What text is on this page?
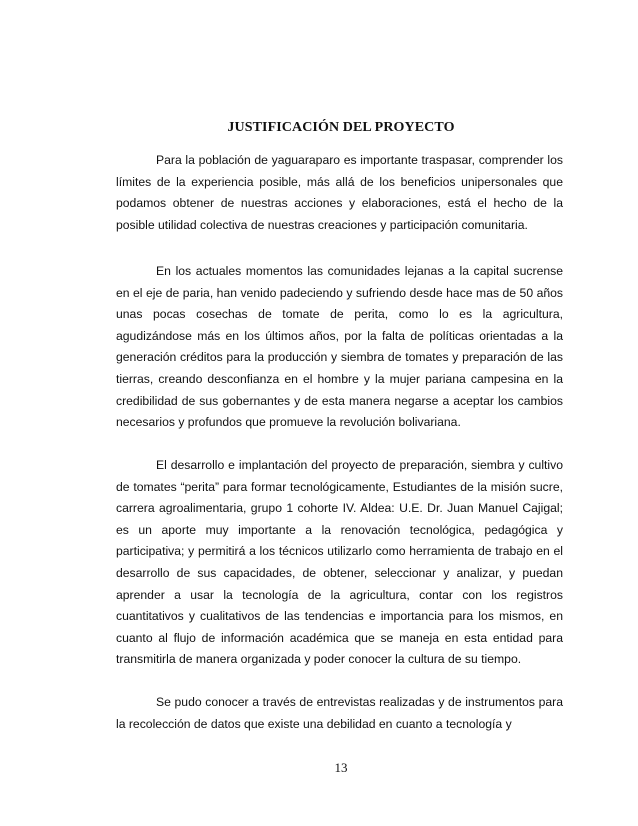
JUSTIFICACIÓN DEL PROYECTO

Para la población de yaguaraparo es importante traspasar, comprender los límites de la experiencia posible, más allá de los beneficios unipersonales que podamos obtener de nuestras acciones y elaboraciones, está el hecho de la posible utilidad colectiva de nuestras creaciones y participación comunitaria.

En los actuales momentos las comunidades lejanas a la capital sucrense en el eje de paria, han venido padeciendo y sufriendo desde hace mas de 50 años unas pocas cosechas de tomate de perita, como lo es la agricultura, agudizándose más en los últimos años, por la falta de políticas orientadas a la generación créditos para la producción y siembra de tomates y preparación de las tierras, creando desconfianza en el hombre y la mujer pariana campesina en la credibilidad de sus gobernantes y de esta manera negarse a aceptar los cambios necesarios y profundos que promueve la revolución bolivariana.

El desarrollo e implantación del proyecto de preparación, siembra y cultivo de tomates “perita” para formar tecnológicamente, Estudiantes de la misión sucre, carrera agroalimentaria, grupo 1 cohorte IV. Aldea: U.E. Dr. Juan Manuel Cajigal; es un aporte muy importante a la renovación tecnológica, pedagógica y participativa; y permitirá a los técnicos utilizarlo como herramienta de trabajo en el desarrollo de sus capacidades, de obtener, seleccionar y analizar, y puedan aprender a usar la tecnología de la agricultura, contar con los registros cuantitativos y cualitativos de las tendencias e importancia para los mismos, en cuanto al flujo de información académica que se maneja en esta entidad para transmitirla de manera organizada y poder conocer la cultura de su tiempo.

Se pudo conocer a través de entrevistas realizadas y de instrumentos para la recolección de datos que existe una debilidad en cuanto a tecnología y

13
